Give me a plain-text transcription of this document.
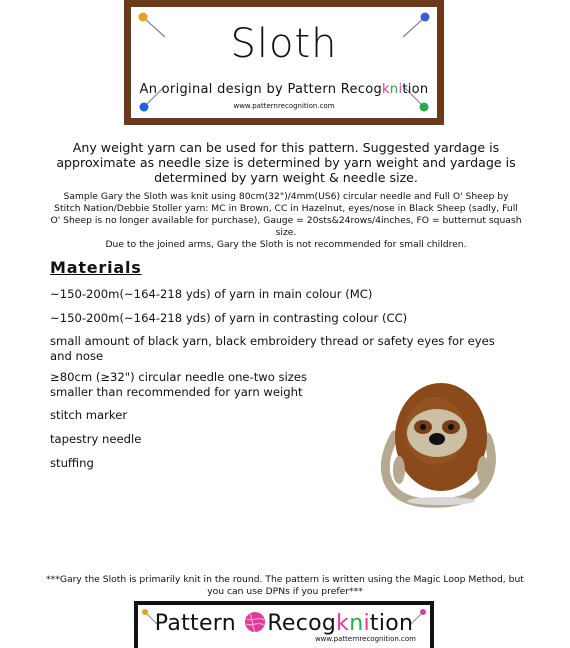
Sloth
An original design by Pattern Recogknition
www.patternrecognition.com
Any weight yarn can be used for this pattern. Suggested yardage is approximate as needle size is determined by yarn weight and yardage is determined by yarn weight & needle size.
Sample Gary the Sloth was knit using 80cm(32")/4mm(US6) circular needle and Full O' Sheep by Stitch Nation/Debbie Stoller yarn: MC in Brown, CC in Hazelnut, eyes/nose in Black Sheep (sadly, Full O' Sheep is no longer available for purchase), Gauge = 20sts&24rows/4inches, FO = butternut squash size.
Due to the joined arms, Gary the Sloth is not recommended for small children.
Materials
~150-200m(~164-218 yds) of yarn in main colour (MC)
~150-200m(~164-218 yds) of yarn in contrasting colour (CC)
small amount of black yarn, black embroidery thread or safety eyes for eyes and nose
≥80cm (≥32") circular needle one-two sizes smaller than recommended for yarn weight
stitch marker
tapestry needle
stuffing
***Gary the Sloth is primarily knit in the round. The pattern is written using the Magic Loop Method, but you can use DPNs if you prefer***
Pattern Recogknition
www.patternrecognition.com
